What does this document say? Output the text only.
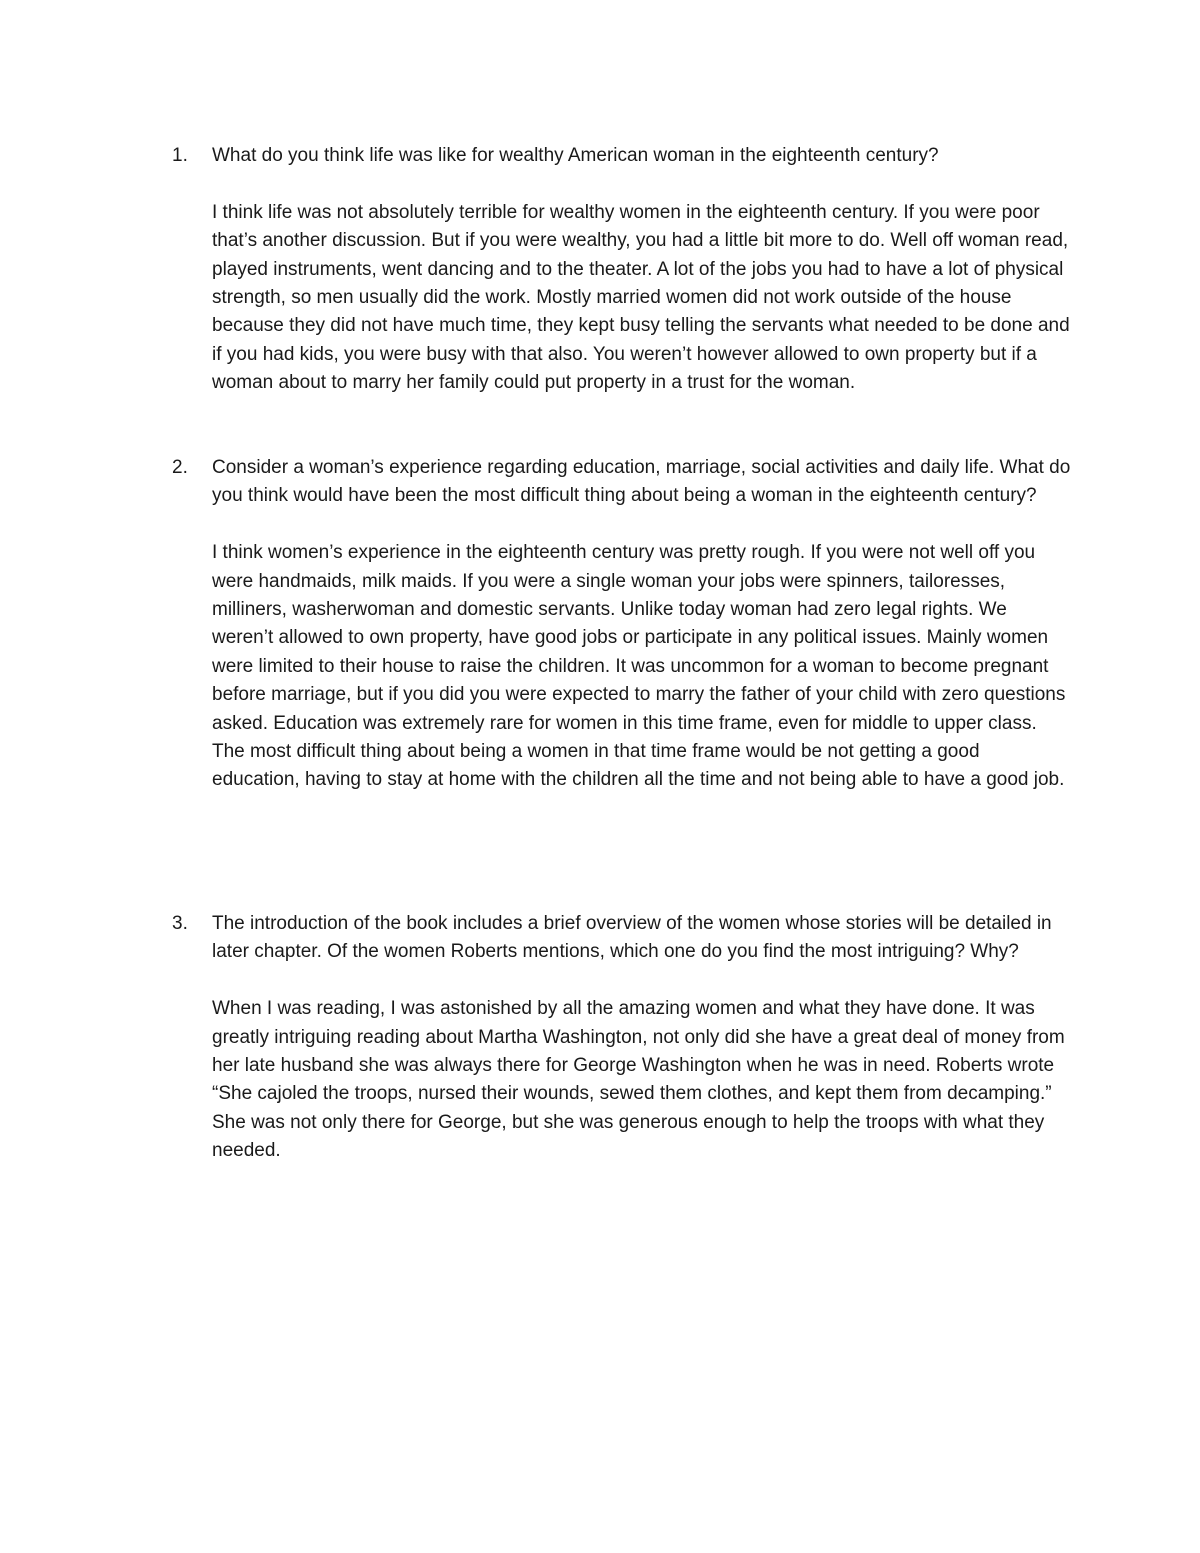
1. What do you think life was like for wealthy American woman in the eighteenth century?

I think life was not absolutely terrible for wealthy women in the eighteenth century. If you were poor that’s another discussion. But if you were wealthy, you had a little bit more to do. Well off woman read, played instruments, went dancing and to the theater. A lot of the jobs you had to have a lot of physical strength, so men usually did the work. Mostly married women did not work outside of the house because they did not have much time, they kept busy telling the servants what needed to be done and if you had kids, you were busy with that also. You weren’t however allowed to own property but if a woman about to marry her family could put property in a trust for the woman.

2. Consider a woman’s experience regarding education, marriage, social activities and daily life. What do you think would have been the most difficult thing about being a woman in the eighteenth century?

I think women’s experience in the eighteenth century was pretty rough. If you were not well off you were handmaids, milk maids. If you were a single woman your jobs were spinners, tailoresses, milliners, washerwoman and domestic servants. Unlike today woman had zero legal rights. We weren’t allowed to own property, have good jobs or participate in any political issues. Mainly women were limited to their house to raise the children. It was uncommon for a woman to become pregnant before marriage, but if you did you were expected to marry the father of your child with zero questions asked. Education was extremely rare for women in this time frame, even for middle to upper class. The most difficult thing about being a women in that time frame would be not getting a good education, having to stay at home with the children all the time and not being able to have a good job.

3. The introduction of the book includes a brief overview of the women whose stories will be detailed in later chapter. Of the women Roberts mentions, which one do you find the most intriguing? Why?

When I was reading, I was astonished by all the amazing women and what they have done. It was greatly intriguing reading about Martha Washington, not only did she have a great deal of money from her late husband she was always there for George Washington when he was in need. Roberts wrote “She cajoled the troops, nursed their wounds, sewed them clothes, and kept them from decamping.” She was not only there for George, but she was generous enough to help the troops with what they needed.
